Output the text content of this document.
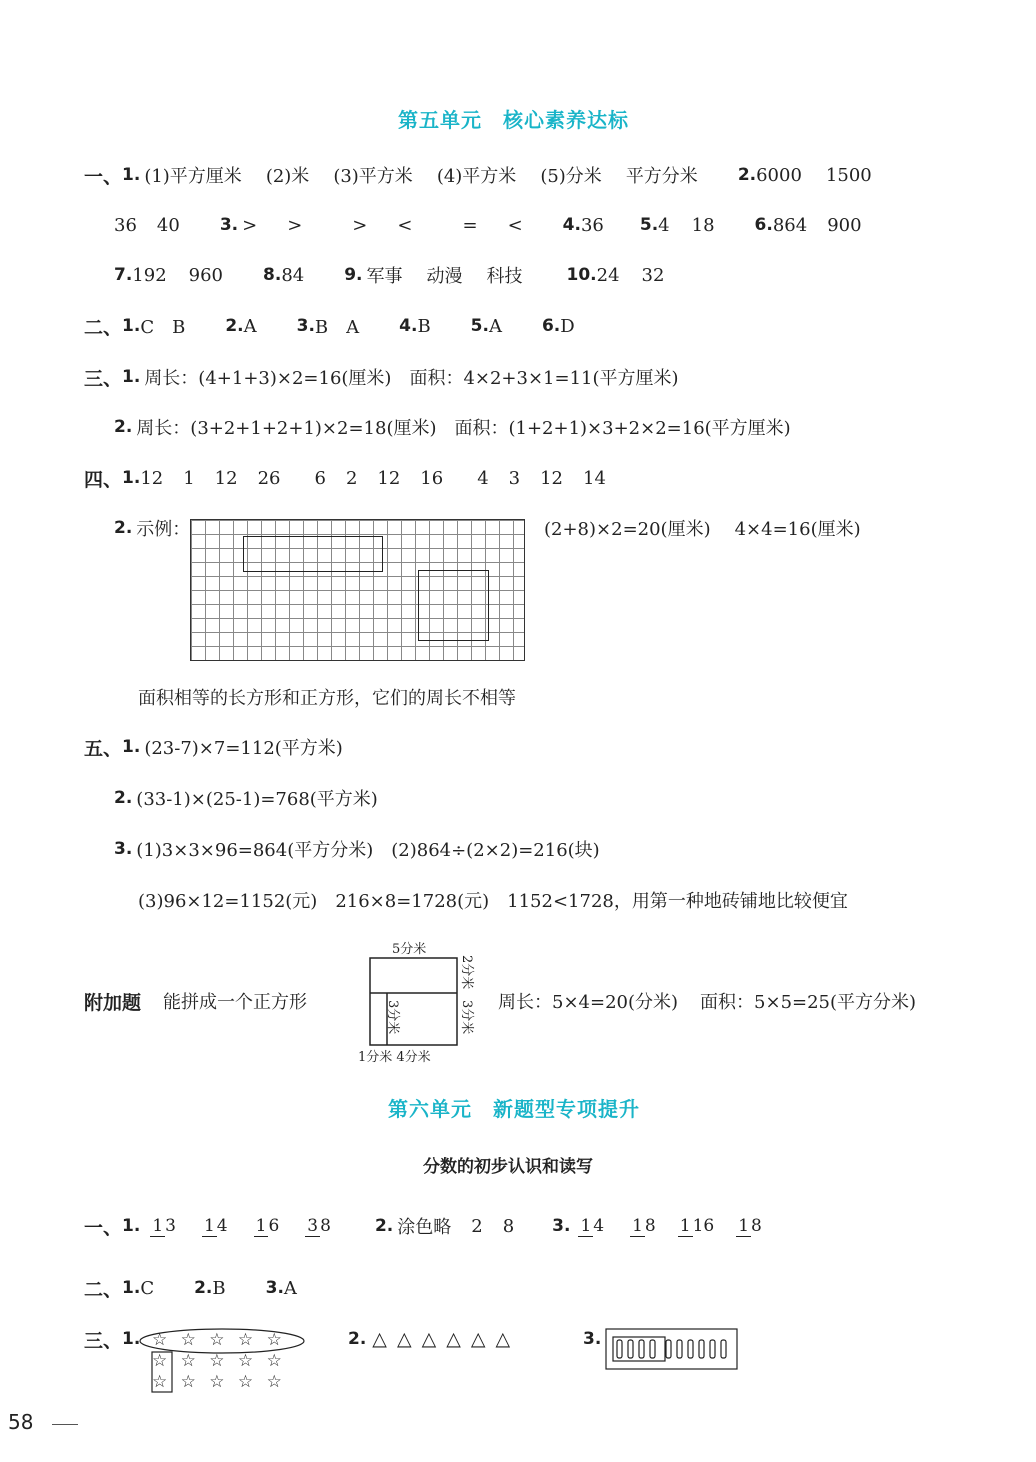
第五单元　核心素养达标
一、 1. (1)平方厘米 (2)米 (3)平方米 (4)平方米 (5)分米 平方分米 2. 6000 1500
36 40 3. > >	> <	= < 4. 36 5. 4 18 6. 864 900
7. 192 960 8. 84 9. 军事 动漫 科技	10. 24 32
二、 1. C　B 2. A 3. B　A 4. B 5. A 6. D
三、 1. 周长：(4+1+3)×2=16(厘米)　面积：4×2+3×1=11(平方厘米)
2. 周长：(3+2+1+2+1)×2=18(厘米)　面积：(1+2+1)×3+2×2=16(平方厘米)
四、 1. 12 1 12 26 6 2 12 16 4 3 12 14
2. 示例：	(2+8)×2=20(厘米) 4×4=16(厘米)
面积相等的长方形和正方形，它们的周长不相等
五、 1. (23-7)×7=112(平方米)
2. (33-1)×(25-1)=768(平方米)
3. (1)3×3×96=864(平方分米)　(2)864÷(2×2)=216(块)
(3)96×12=1152(元)　216×8=1728(元)　1152<1728，用第一种地砖铺地比较便宜
附加题 能拼成一个正方形
5分米
2分米
3分米
3分米
1分米 4分米
周长：5×4=20(分米) 面积：5×5=25(平方分米)
第六单元　新题型专项提升
分数的初步认识和读写
一、 1. 1 3 1 4 1 6 3 8	2. 涂色略 2 8 3. 1 4 1 8 1 16 1 8
二、 1. C 2. B 3. A
三、 1. ☆ ☆ ☆ ☆ ☆
☆ ☆ ☆ ☆ ☆
☆ ☆ ☆ ☆ ☆
2. △ △ △ △ △ △	3.
58
